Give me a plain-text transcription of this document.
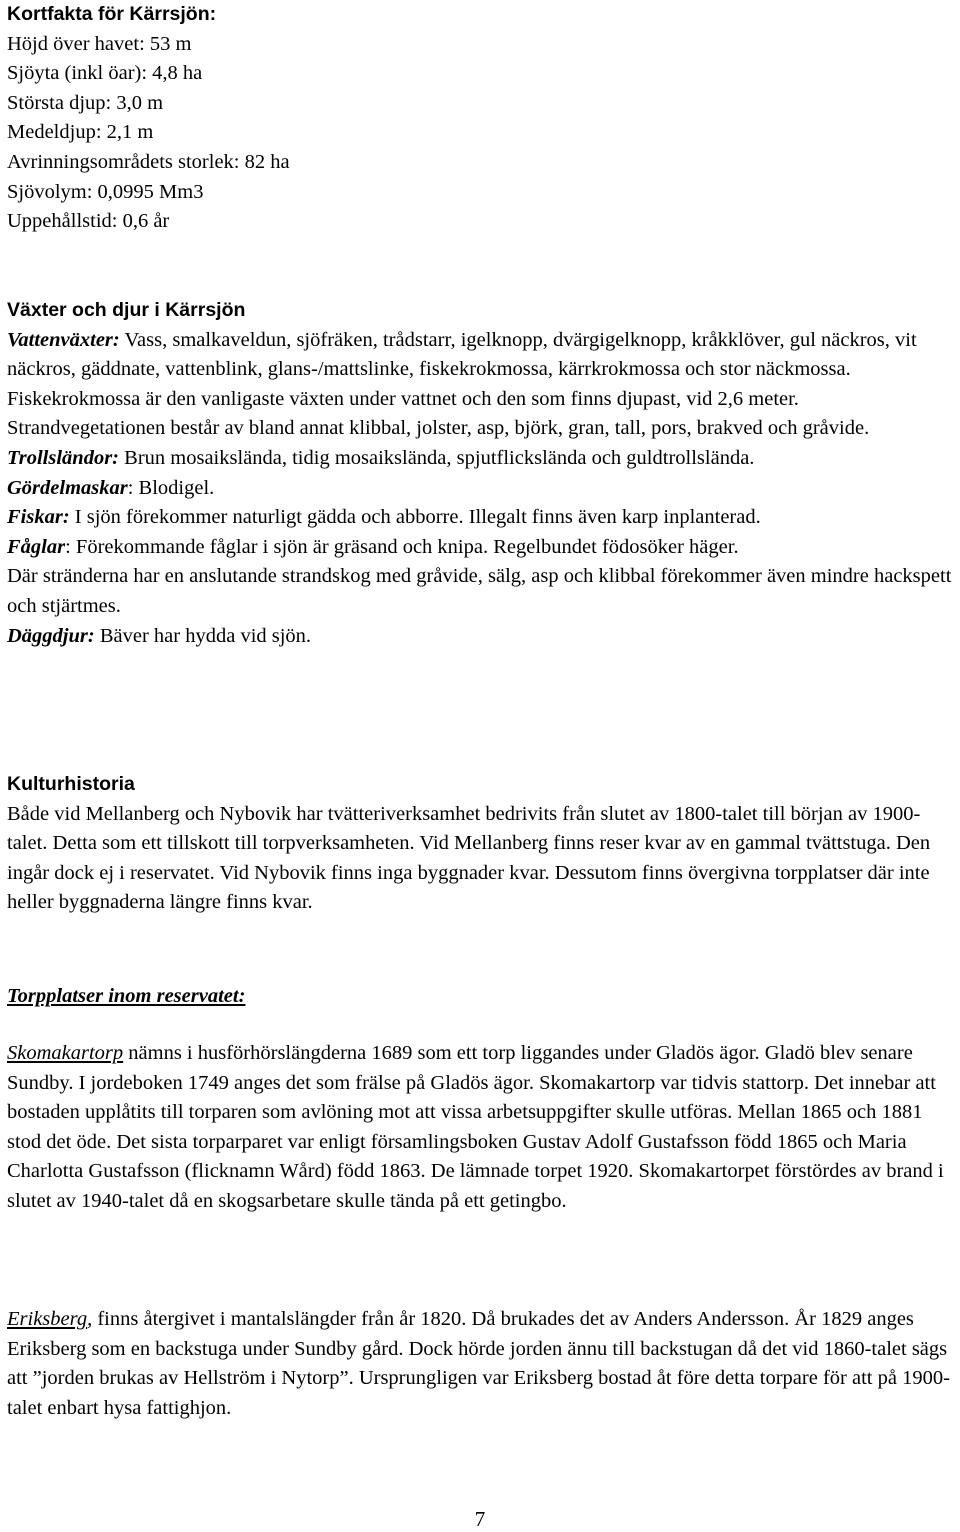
Kortfakta för Kärrsjön:

Höjd över havet: 53 m

Sjöyta (inkl öar): 4,8 ha

Största djup: 3,0 m

Medeldjup: 2,1 m

Avrinningsområdets storlek: 82 ha

Sjövolym: 0,0995 Mm3

Uppehållstid: 0,6 år

Växter och djur i Kärrsjön

Vattenväxter: Vass, smalkaveldun, sjöfräken, trådstarr, igelknopp, dvärgigelknopp, kråkklöver, gul näckros, vit näckros, gäddnate, vattenblink, glans-/mattslinke, fiskekrokmossa, kärrkrokmossa och stor näckmossa. Fiskekrokmossa är den vanligaste växten under vattnet och den som finns djupast, vid 2,6 meter.

Strandvegetationen består av bland annat klibbal, jolster, asp, björk, gran, tall, pors, brakved och gråvide.

Trollsländor: Brun mosaikslända, tidig mosaikslända, spjutflickslända och guldtrollslända.

Gördelmaskar: Blodigel.

Fiskar: I sjön förekommer naturligt gädda och abborre. Illegalt finns även karp inplanterad.

Fåglar: Förekommande fåglar i sjön är gräsand och knipa. Regelbundet födosöker häger.

Där stränderna har en anslutande strandskog med gråvide, sälg, asp och klibbal förekommer även mindre hackspett och stjärtmes.

Däggdjur: Bäver har hydda vid sjön.

Kulturhistoria

Både vid Mellanberg och Nybovik har tvätteriverksamhet bedrivits från slutet av 1800-talet till början av 1900-talet. Detta som ett tillskott till torpverksamheten. Vid Mellanberg finns reser kvar av en gammal tvättstuga. Den ingår dock ej i reservatet. Vid Nybovik finns inga byggnader kvar. Dessutom finns övergivna torpplatser där inte heller byggnaderna längre finns kvar.

Torpplatser inom reservatet:

Skomakartorp nämns i husförhörslängderna 1689 som ett torp liggandes under Gladös ägor. Gladö blev senare Sundby. I jordeboken 1749 anges det som frälse på Gladös ägor. Skomakartorp var tidvis stattorp. Det innebar att bostaden upplåtits till torparen som avlöning mot att vissa arbetsuppgifter skulle utföras. Mellan 1865 och 1881 stod det öde. Det sista torparparet var enligt församlingsboken Gustav Adolf Gustafsson född 1865 och Maria Charlotta Gustafsson (flicknamn Wård) född 1863. De lämnade torpet 1920. Skomakartorpet förstördes av brand i slutet av 1940-talet då en skogsarbetare skulle tända på ett getingbo.

Eriksberg, finns återgivet i mantalslängder från år 1820. Då brukades det av Anders Andersson. År 1829 anges Eriksberg som en backstuga under Sundby gård. Dock hörde jorden ännu till backstugan då det vid 1860-talet sägs att ”jorden brukas av Hellström i Nytorp”. Ursprungligen var Eriksberg bostad åt före detta torpare för att på 1900-talet enbart hysa fattighjon.

7
